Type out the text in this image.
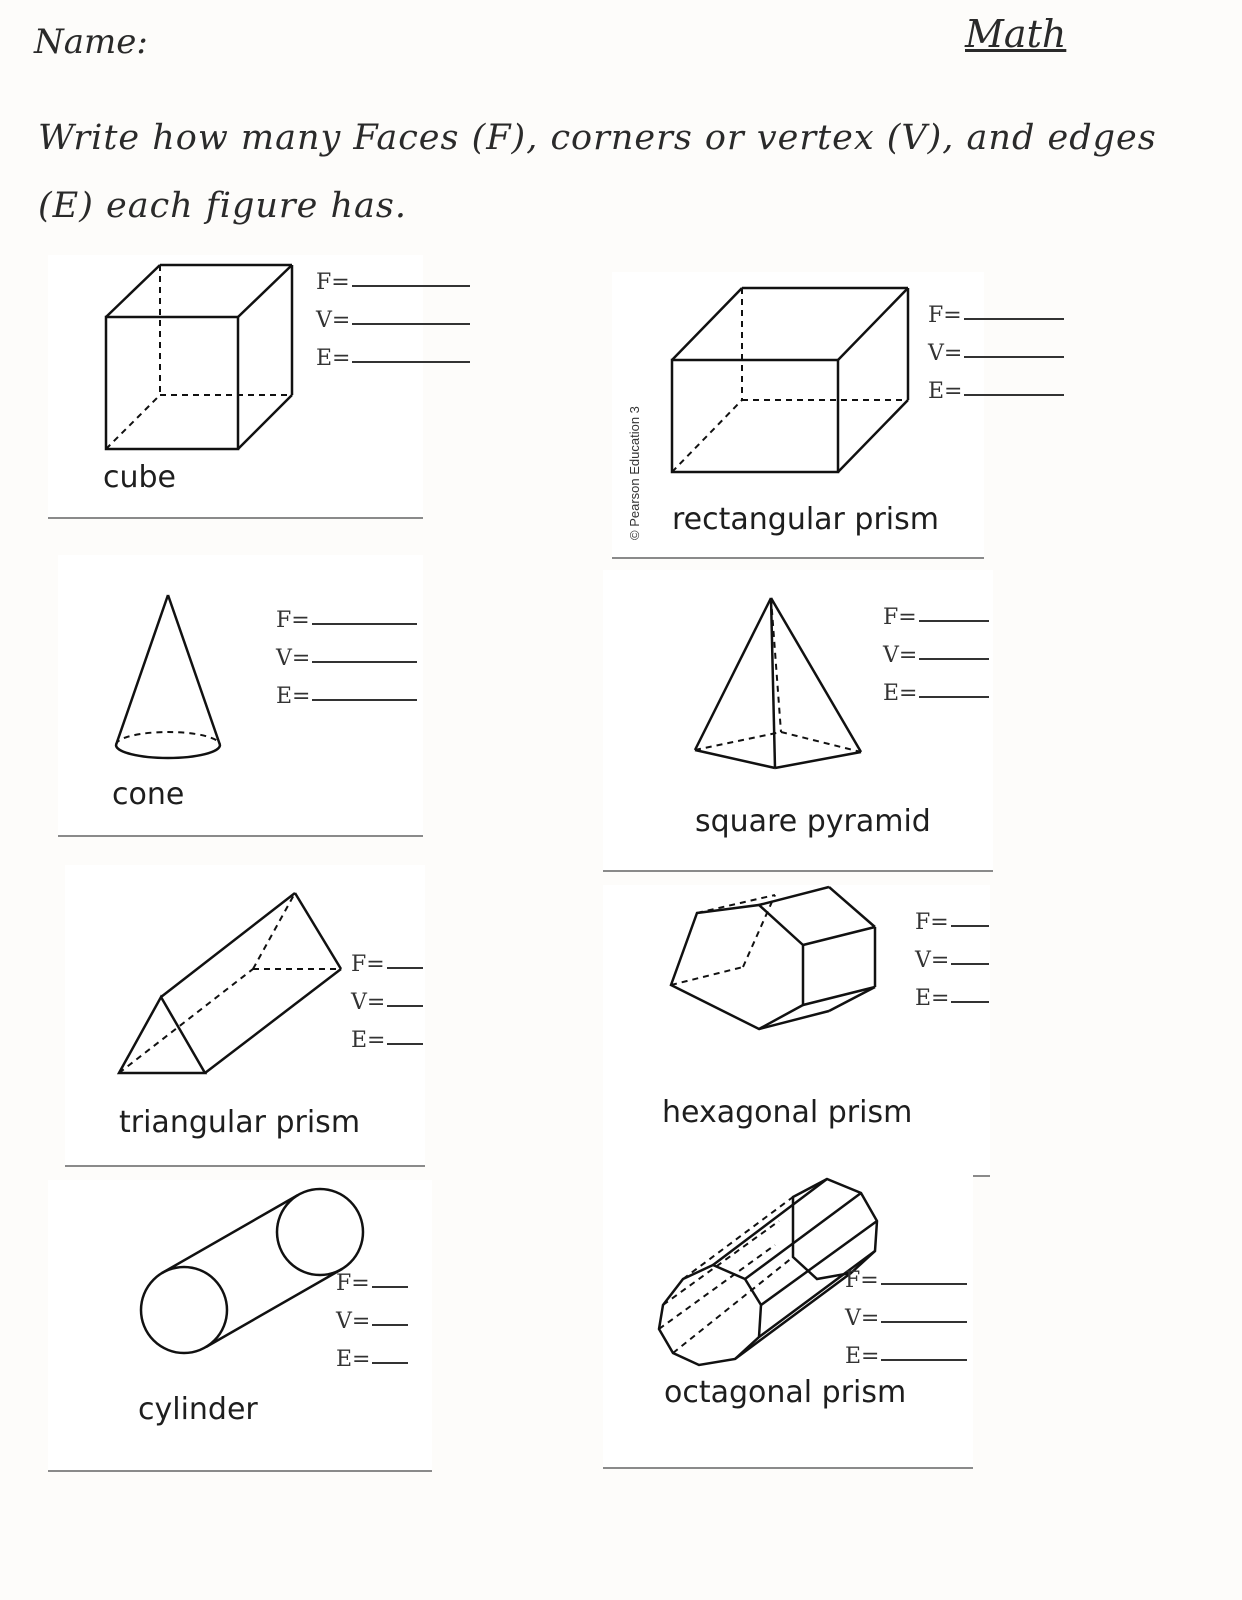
Name:	Math
Write how many Faces (F), corners or vertex (V), and edges (E) each figure has.
cube
F=
V=
E=
rectangular prism
F=
V=
E=
© Pearson Education 3
cone
F=
V=
E=
square pyramid
F=
V=
E=
triangular prism
F=
V=
E=
hexagonal prism
F=
V=
E=
cylinder
F=
V=
E=
octagonal prism
F=
V=
E=
